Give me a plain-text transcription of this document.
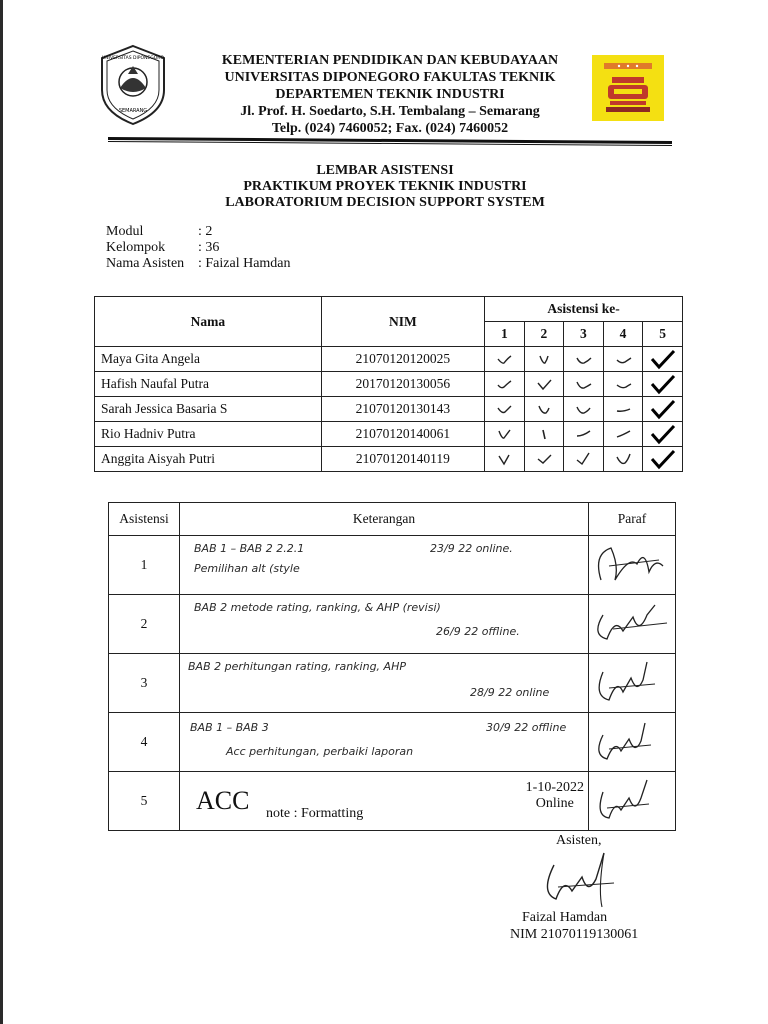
UNIVERSITAS DIPONEGORO
SEMARANG
KEMENTERIAN PENDIDIKAN DAN KEBUDAYAAN
UNIVERSITAS DIPONEGORO FAKULTAS TEKNIK
DEPARTEMEN TEKNIK INDUSTRI
Jl. Prof. H. Soedarto, S.H. Tembalang – Semarang
Telp. (024) 7460052; Fax. (024) 7460052
LEMBAR ASISTENSI
PRAKTIKUM PROYEK TEKNIK INDUSTRI
LABORATORIUM DECISION SUPPORT SYSTEM
Modul	: 2
Kelompok	: 36
Nama Asisten : Faizal Hamdan
Nama	NIM	Asistensi ke-				
		1	2	3	4	5
Maya Gita Angela	21070120120025	

Hafish Naufal Putra	20170120130056	

Sarah Jessica Basaria S	21070120130143	

Rio Hadniv Putra	21070120140061	

Anggita Aisyah Putri	21070120140119	

Asistensi	Keterangan	Paraf
1	BAB 1 – BAB 2 2.2.1 23/9 22 online.
Pemilihan alt (style

2	BAB 2 metode rating, ranking, & AHP (revisi)
26/9 22 offline.

3	BAB 2 perhitungan rating, ranking, AHP
28/9 22 online

4	BAB 1 – BAB 3 30/9 22 offline
Acc perhitungan, perbaiki laporan

5	ACC note : Formatting
1-10-2022
Online

Asisten,
Faizal Hamdan
NIM 21070119130061
